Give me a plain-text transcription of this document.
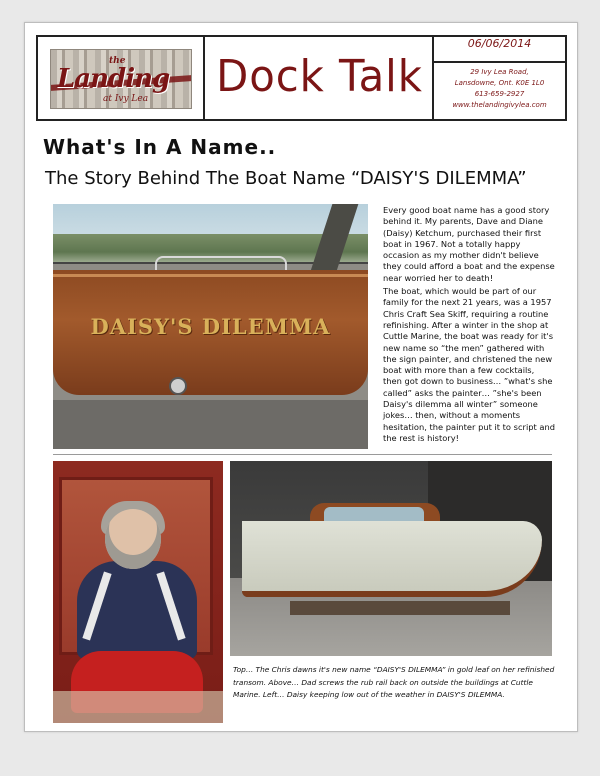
the
Landing
at Ivy Lea Dock Talk
06/06/2014
29 Ivy Lea Road,
Lansdowne, Ont. K0E 1L0
613-659-2927
www.thelandingivylea.com
What's In A Name..
The Story Behind The Boat Name “DAISY'S DILEMMA”
DAISY'S DILEMMA

Every good boat name has a good story behind it. My parents, Dave and Diane (Daisy) Ketchum, purchased their first boat in 1967. Not a totally happy occasion as my mother didn't believe they could afford a boat and the expense near worried her to death!

The boat, which would be part of our family for the next 21 years, was a 1957 Chris Craft Sea Skiff, requiring a routine refinishing. After a winter in the shop at Cuttle Marine, the boat was ready for it's new name so “the men” gathered with the sign painter, and christened the new boat with more than a few cocktails, then got down to business… ”what's she called” asks the painter… ”she's been Daisy's dilemma all winter” someone jokes… then, without a moments hesitation, the painter put it to script and the rest is history!

Top… The Chris dawns it's new name “DAISY'S DILEMMA” in gold leaf on her refinished transom. Above… Dad screws the rub rail back on outside the buildings at Cuttle Marine. Left… Daisy keeping low out of the weather in DAISY'S DILEMMA.
